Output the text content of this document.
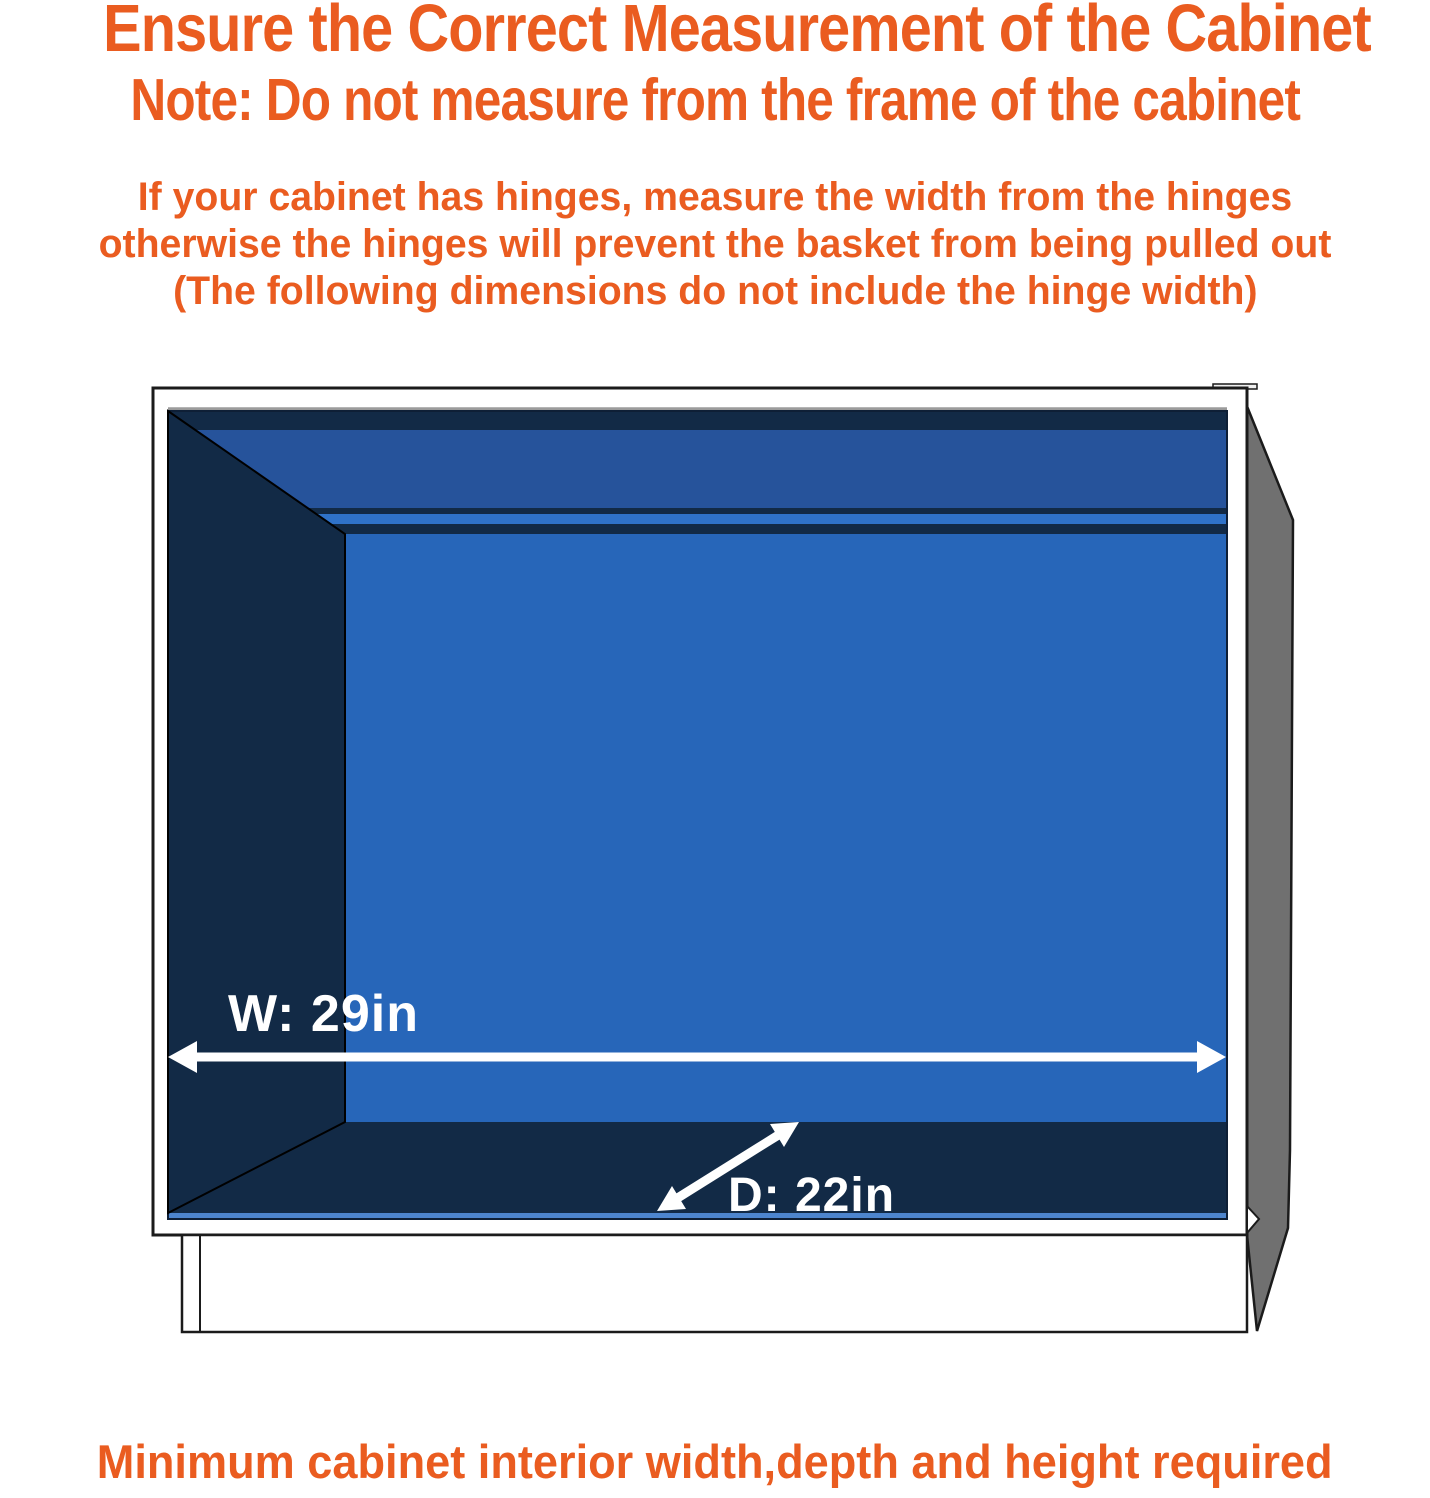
Ensure the Correct Measurement of the Cabinet
Note: Do not measure from the frame of the cabinet
If your cabinet has hinges, measure the width from the hinges
otherwise the hinges will prevent the basket from being pulled out
(The following dimensions do not include the hinge width)
W: 29in
D: 22in
Minimum cabinet interior width,depth and height required
